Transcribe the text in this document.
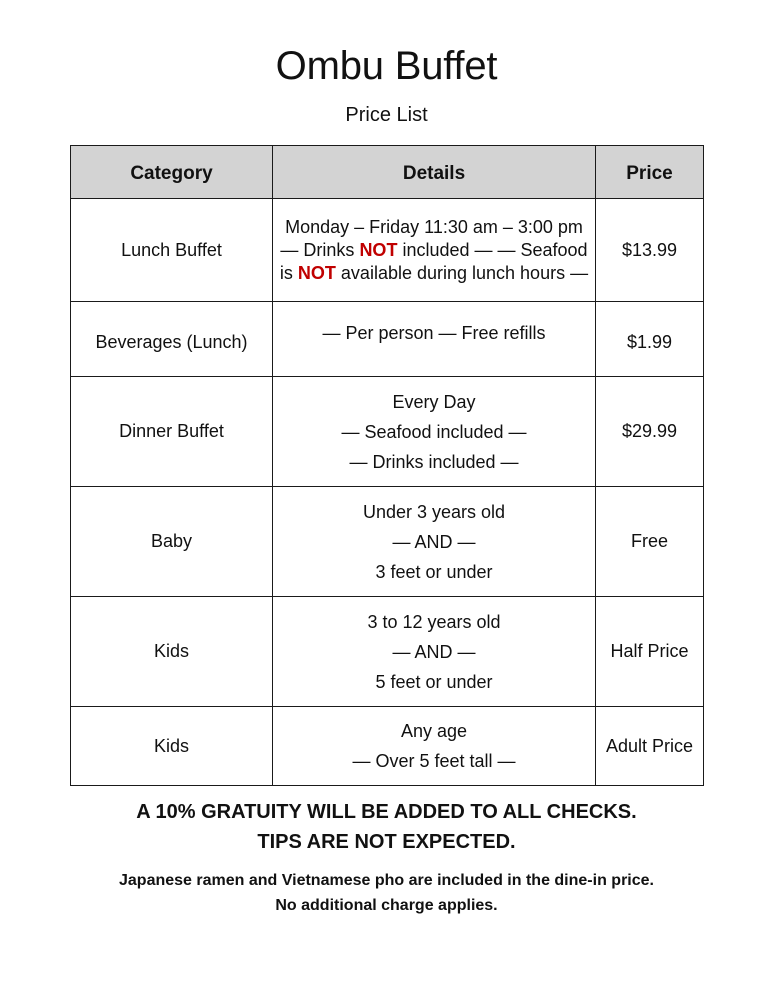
Ombu Buffet
Price List
Category	Details	Price
Lunch Buffet	Monday – Friday 11:30 am – 3:00 pm
— Drinks NOT included — — Seafood
is NOT available during lunch hours —	$13.99
Beverages (Lunch)	— Per person — Free refills	$1.99
Dinner Buffet	Every Day
— Seafood included —
— Drinks included —	$29.99
Baby	Under 3 years old
— AND —
3 feet or under	Free
Kids	3 to 12 years old
— AND —
5 feet or under	Half Price
Kids	Any age
— Over 5 feet tall —	Adult Price
A 10% GRATUITY WILL BE ADDED TO ALL CHECKS.
TIPS ARE NOT EXPECTED.
Japanese ramen and Vietnamese pho are included in the dine-in price.
No additional charge applies.
